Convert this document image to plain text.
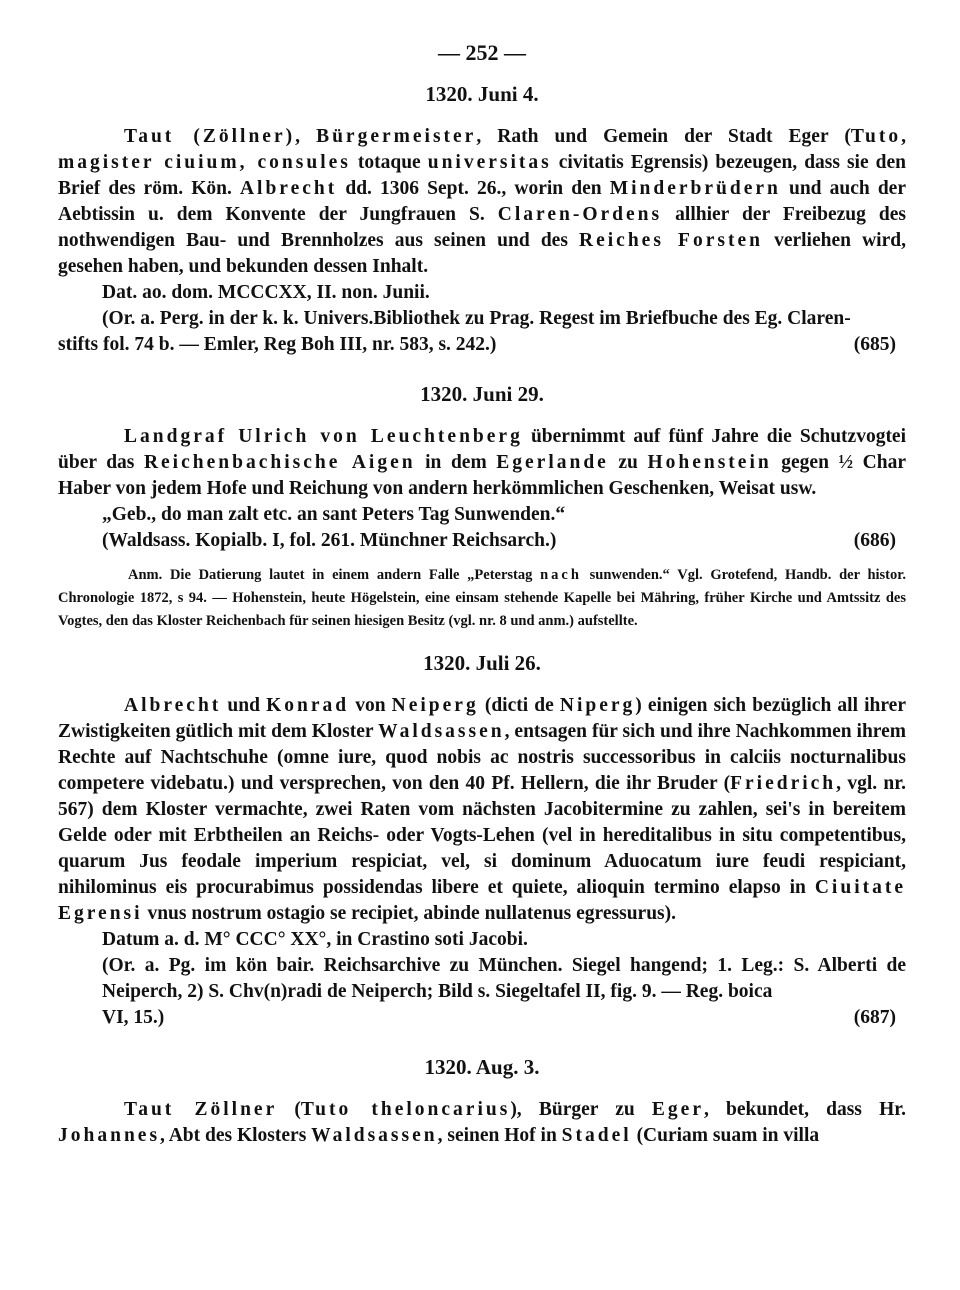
— 252 —
1320. Juni 4.

Taut (Zöllner), Bürgermeister, Rath und Gemein der Stadt Eger (Tuto, magister ciuium, consules totaque universitas civitatis Egrensis) bezeugen, dass sie den Brief des röm. Kön. Albrecht dd. 1306 Sept. 26., worin den Minderbrüdern und auch der Aebtissin u. dem Konvente der Jungfrauen S. Claren-Ordens allhier der Freibezug des nothwendigen Bau- und Brennholzes aus seinen und des Reiches Forsten verliehen wird, gesehen haben, und bekunden dessen Inhalt.

Dat. ao. dom. MCCCXX, II. non. Junii.

(Or. a. Perg. in der k. k. Univers.Bibliothek zu Prag. Regest im Briefbuche des Eg. Claren-

stifts fol. 74 b. — Emler, Reg Boh III, nr. 583, s. 242.)	(685)

1320. Juni 29.

Landgraf Ulrich von Leuchtenberg übernimmt auf fünf Jahre die Schutzvogtei über das Reichenbachische Aigen in dem Egerlande zu Hohenstein gegen ½ Char Haber von jedem Hofe und Reichung von andern herkömmlichen Geschenken, Weisat usw.

„Geb., do man zalt etc. an sant Peters Tag Sunwenden.“

(Waldsass. Kopialb. I, fol. 261. Münchner Reichsarch.)	(686)

Anm. Die Datierung lautet in einem andern Falle „Peterstag nach sunwenden.“ Vgl. Grotefend, Handb. der histor. Chronologie 1872, s 94. — Hohenstein, heute Högelstein, eine einsam stehende Kapelle bei Mähring, früher Kirche und Amtssitz des Vogtes, den das Kloster Reichenbach für seinen hiesigen Besitz (vgl. nr. 8 und anm.) aufstellte.

1320. Juli 26.

Albrecht und Konrad von Neiperg (dicti de Niperg) einigen sich bezüglich all ihrer Zwistigkeiten gütlich mit dem Kloster Waldsassen, entsagen für sich und ihre Nachkommen ihrem Rechte auf Nachtschuhe (omne iure, quod nobis ac nostris successoribus in calciis nocturnalibus competere videbatu.) und versprechen, von den 40 Pf. Hellern, die ihr Bruder (Friedrich, vgl. nr. 567) dem Kloster vermachte, zwei Raten vom nächsten Jacobitermine zu zahlen, sei's in bereitem Gelde oder mit Erbtheilen an Reichs- oder Vogts-Lehen (vel in hereditalibus in situ competentibus, quarum Jus feodale imperium respiciat, vel, si dominum Aduocatum iure feudi respiciant, nihilominus eis procurabimus possidendas libere et quiete, alioquin termino elapso in Ciuitate Egrensi vnus nostrum ostagio se recipiet, abinde nullatenus egressurus).

Datum a. d. M° CCC° XX°, in Crastino soti Jacobi.

(Or. a. Pg. im kön bair. Reichsarchive zu München. Siegel hangend; 1. Leg.: S. Alberti de Neiperch, 2) S. Chv(n)radi de Neiperch; Bild s. Siegeltafel II, fig. 9. — Reg. boica

VI, 15.)	(687)

1320. Aug. 3.

Taut Zöllner (Tuto theloncarius), Bürger zu Eger, bekundet, dass Hr. Johannes, Abt des Klosters Waldsassen, seinen Hof in Stadel (Curiam suam in villa
